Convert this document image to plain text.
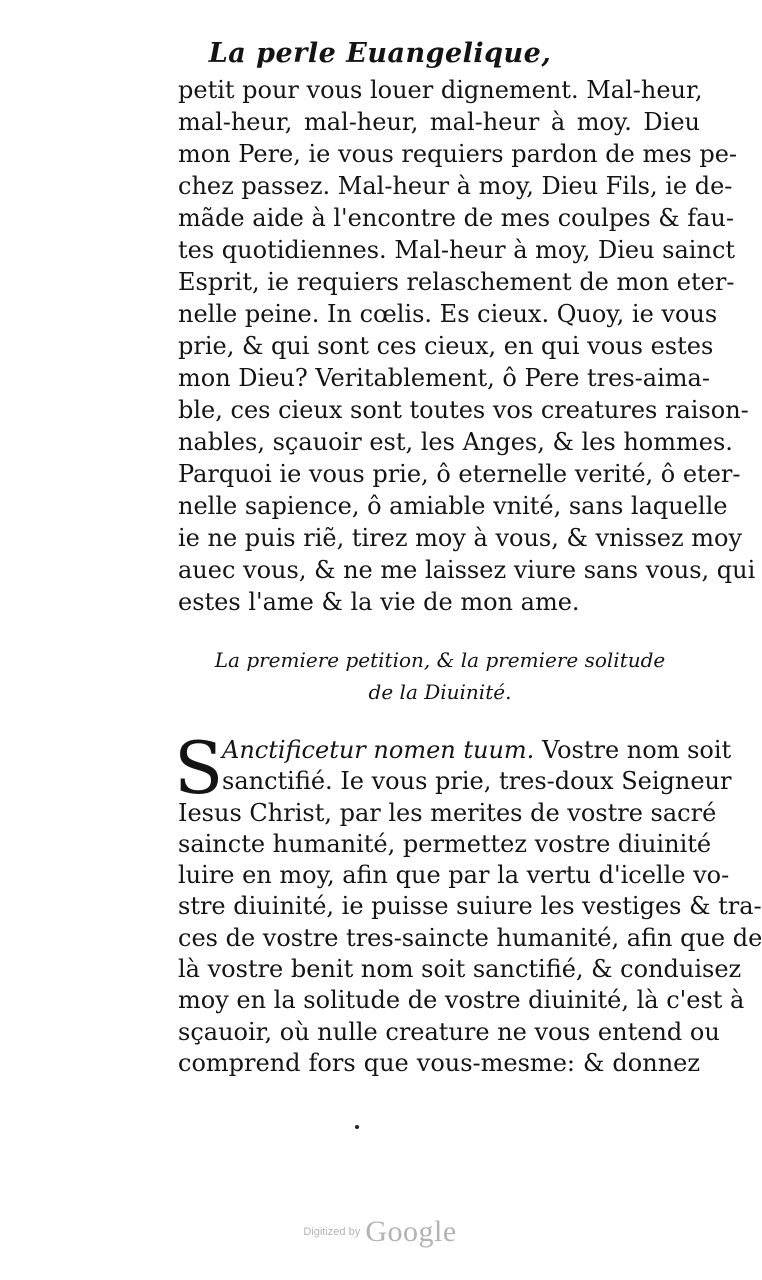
La perle Euangelique,
petit pour vous louer dignement. Mal-heur,
mal-heur, mal-heur, mal-heur à moy. Dieu
mon Pere, ie vous requiers pardon de mes pe-
chez passez. Mal-heur à moy, Dieu Fils, ie de-
mãde aide à l'encontre de mes coulpes & fau-
tes quotidiennes. Mal-heur à moy, Dieu sainct
Esprit, ie requiers relaschement de mon eter-
nelle peine. In cœlis. Es cieux. Quoy, ie vous
prie, & qui sont ces cieux, en qui vous estes
mon Dieu? Veritablement, ô Pere tres-aima-
ble, ces cieux sont toutes vos creatures raison-
nables, sçauoir est, les Anges, & les hommes.
Parquoi ie vous prie, ô eternelle verité, ô eter-
nelle sapience, ô amiable vnité, sans laquelle
ie ne puis riẽ, tirez moy à vous, & vnissez moy
auec vous, & ne me laissez viure sans vous, qui
estes l'ame & la vie de mon ame.
La premiere petition, & la premiere solitude
de la Diuinité.
S
Anctificetur nomen tuum. Vostre nom soit
sanctifié. Ie vous prie, tres-doux Seigneur
Iesus Christ, par les merites de vostre sacré
saincte humanité, permettez vostre diuinité
luire en moy, afin que par la vertu d'icelle vo-
stre diuinité, ie puisse suiure les vestiges & tra-
ces de vostre tres-saincte humanité, afin que de
là vostre benit nom soit sanctifié, & conduisez
moy en la solitude de vostre diuinité, là c'est à
sçauoir, où nulle creature ne vous entend ou
comprend fors que vous-mesme: & donnez
Digitized by Google
